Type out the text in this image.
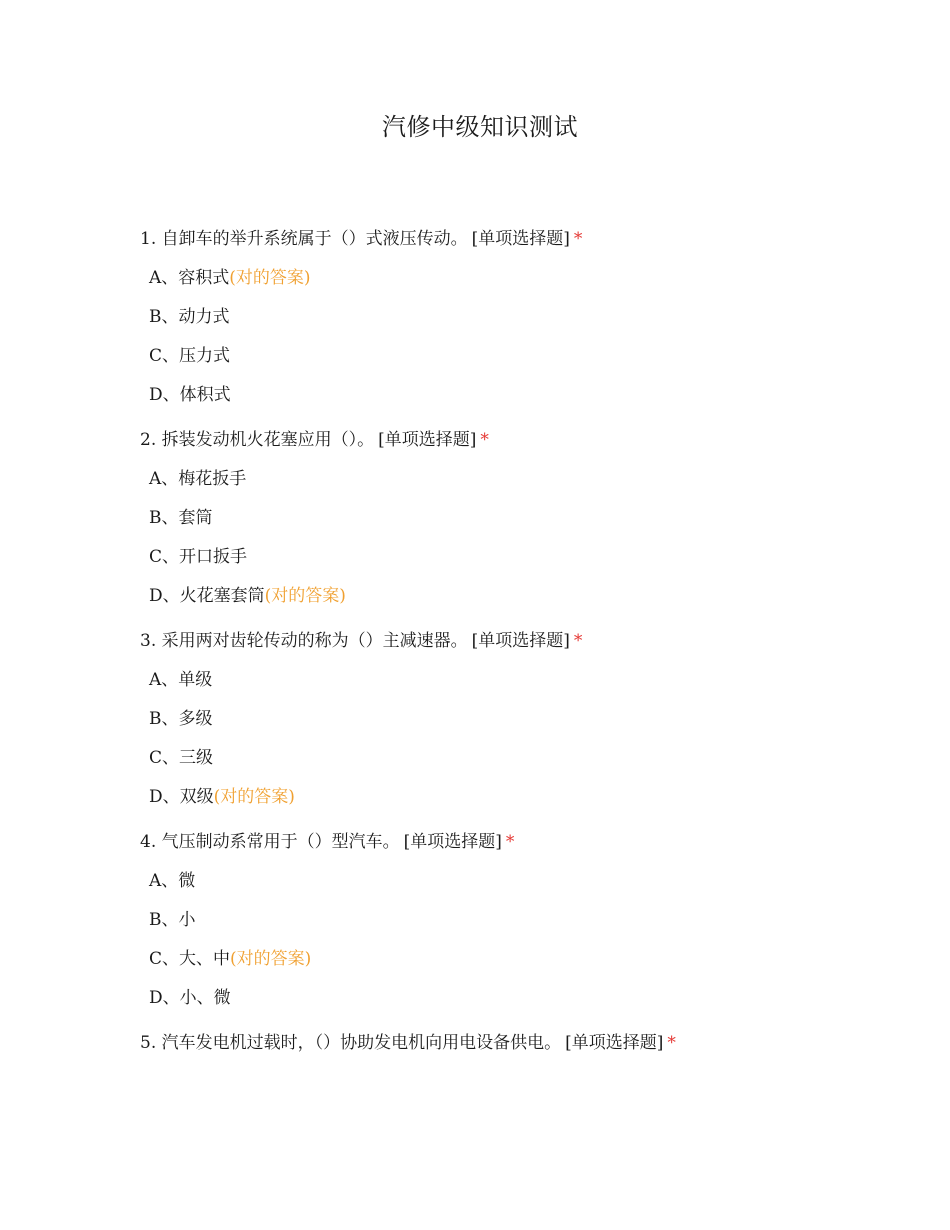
汽修中级知识测试
1. 自卸车的举升系统属于（）式液压传动。 [单项选择题] *
A、容积式(对的答案)
B、动力式
C、压力式
D、体积式
2. 拆装发动机火花塞应用（）。 [单项选择题] *
A、梅花扳手
B、套筒
C、开口扳手
D、火花塞套筒(对的答案)
3. 采用两对齿轮传动的称为（）主减速器。 [单项选择题] *
A、单级
B、多级
C、三级
D、双级(对的答案)
4. 气压制动系常用于（）型汽车。 [单项选择题] *
A、微
B、小
C、大、中(对的答案)
D、小、微
5. 汽车发电机过载时，（）协助发电机向用电设备供电。 [单项选择题] *
